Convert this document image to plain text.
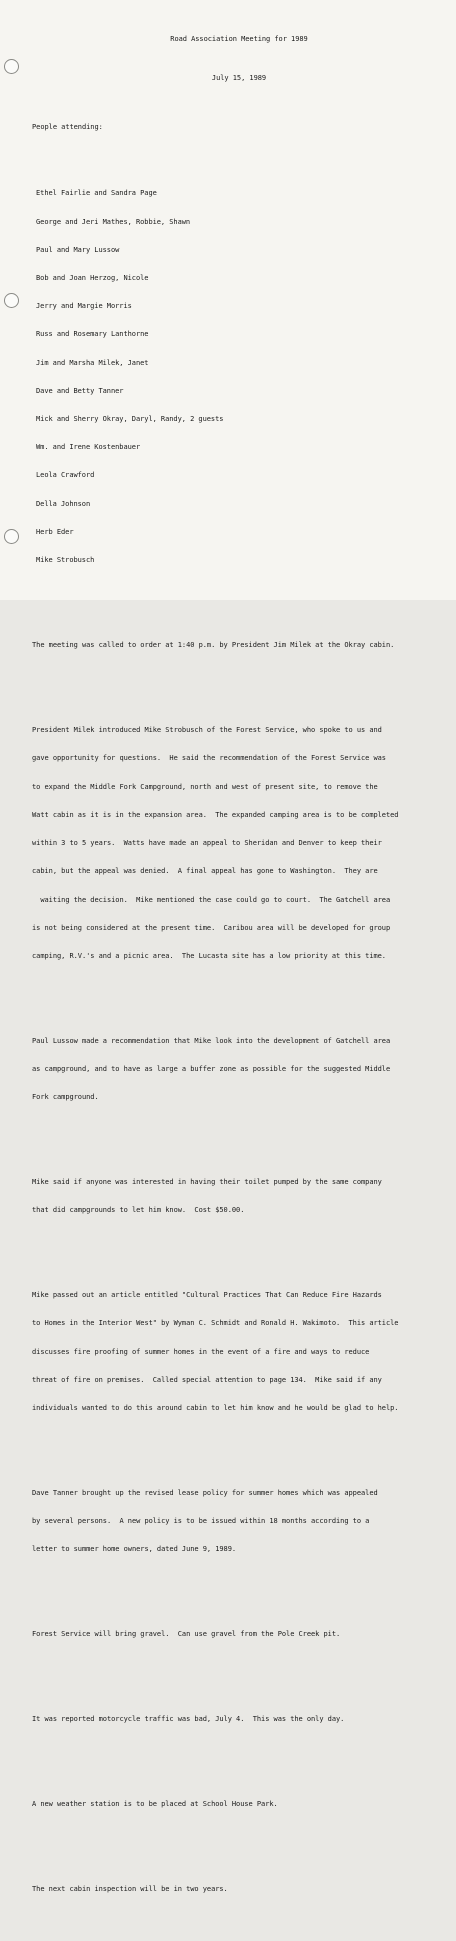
Road Association Meeting for 1989

July 15, 1989

People attending:

Ethel Fairlie and Sandra Page

George and Jeri Mathes, Robbie, Shawn

Paul and Mary Lussow

Bob and Joan Herzog, Nicole

Jerry and Margie Morris

Russ and Rosemary Lanthorne

Jim and Marsha Milek, Janet

Dave and Betty Tanner

Mick and Sherry Okray, Daryl, Randy, 2 guests

Wm. and Irene Kostenbauer

Leola Crawford

Della Johnson

Herb Eder

Mike Strobusch

The meeting was called to order at 1:40 p.m. by President Jim Milek at the Okray cabin.

President Milek introduced Mike Strobusch of the Forest Service, who spoke to us and

gave opportunity for questions.  He said the recommendation of the Forest Service was

to expand the Middle Fork Campground, north and west of present site, to remove the

Watt cabin as it is in the expansion area.  The expanded camping area is to be completed

within 3 to 5 years.  Watts have made an appeal to Sheridan and Denver to keep their

cabin, but the appeal was denied.  A final appeal has gone to Washington.  They are

waiting the decision.  Mike mentioned the case could go to court.  The Gatchell area

is not being considered at the present time.  Caribou area will be developed for group

camping, R.V.'s and a picnic area.  The Lucasta site has a low priority at this time.

Paul Lussow made a recommendation that Mike look into the development of Gatchell area

as campground, and to have as large a buffer zone as possible for the suggested Middle

Fork campground.

Mike said if anyone was interested in having their toilet pumped by the same company

that did campgrounds to let him know.  Cost $50.00.

Mike passed out an article entitled "Cultural Practices That Can Reduce Fire Hazards

to Homes in the Interior West" by Wyman C. Schmidt and Ronald H. Wakimoto.  This article

discusses fire proofing of summer homes in the event of a fire and ways to reduce

threat of fire on premises.  Called special attention to page 134.  Mike said if any

individuals wanted to do this around cabin to let him know and he would be glad to help.

Dave Tanner brought up the revised lease policy for summer homes which was appealed

by several persons.  A new policy is to be issued within 18 months according to a

letter to summer home owners, dated June 9, 1989.

Forest Service will bring gravel.  Can use gravel from the Pole Creek pit.

It was reported motorcycle traffic was bad, July 4.  This was the only day.

A new weather station is to be placed at School House Park.

The next cabin inspection will be in two years.
